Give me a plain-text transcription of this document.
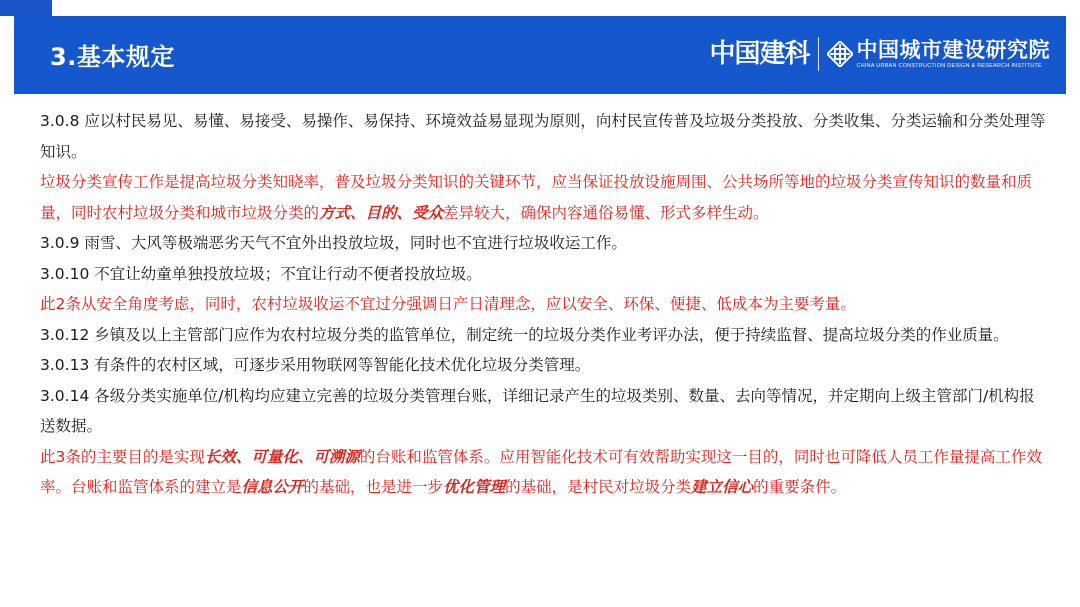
3.基本规定	中国建科 中国城市建设研究院
CHINA URBAN CONSTRUCTION DESIGN & RESEARCH INSTITUTE

3.0.8 应以村民易见、易懂、易接受、易操作、易保持、环境效益易显现为原则，向村民宣传普及垃圾分类投放、分类收集、分类运输和分类处理等知识。

垃圾分类宣传工作是提高垃圾分类知晓率，普及垃圾分类知识的关键环节，应当保证投放设施周围、公共场所等地的垃圾分类宣传知识的数量和质量，同时农村垃圾分类和城市垃圾分类的方式、目的、受众差异较大，确保内容通俗易懂、形式多样生动。

3.0.9 雨雪、大风等极端恶劣天气不宜外出投放垃圾，同时也不宜进行垃圾收运工作。

3.0.10 不宜让幼童单独投放垃圾；不宜让行动不便者投放垃圾。

此2条从安全角度考虑，同时，农村垃圾收运不宜过分强调日产日清理念，应以安全、环保、便捷、低成本为主要考量。

3.0.12 乡镇及以上主管部门应作为农村垃圾分类的监管单位，制定统一的垃圾分类作业考评办法，便于持续监督、提高垃圾分类的作业质量。

3.0.13 有条件的农村区域，可逐步采用物联网等智能化技术优化垃圾分类管理。

3.0.14 各级分类实施单位/机构均应建立完善的垃圾分类管理台账，详细记录产生的垃圾类别、数量、去向等情况，并定期向上级主管部门/机构报送数据。

此3条的主要目的是实现长效、可量化、可溯源的台账和监管体系。应用智能化技术可有效帮助实现这一目的，同时也可降低人员工作量提高工作效率。台账和监管体系的建立是信息公开的基础，也是进一步优化管理的基础，是村民对垃圾分类建立信心的重要条件。
